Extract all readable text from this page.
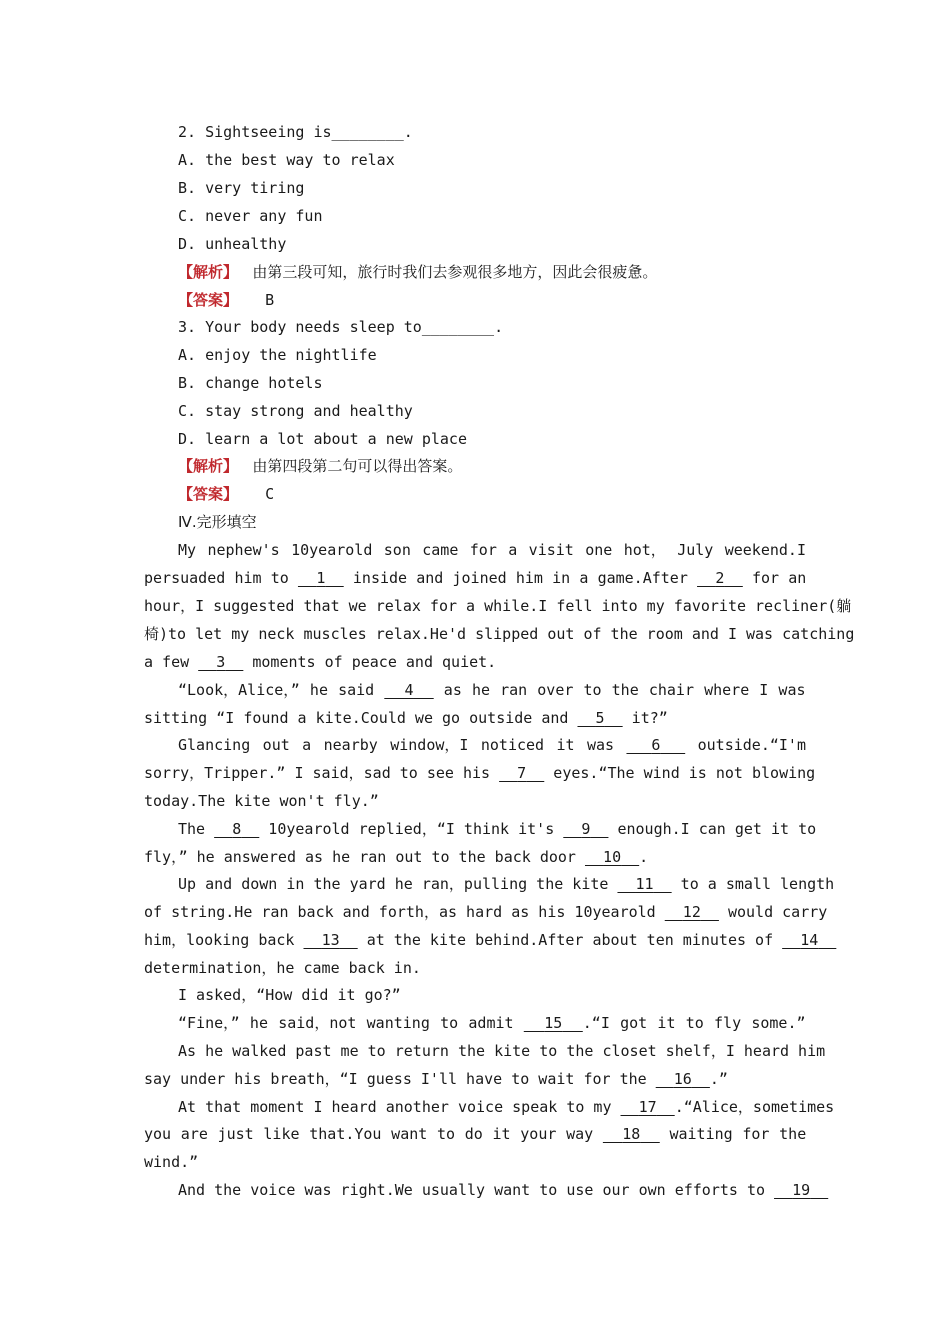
2. Sightseeing is________.
A. the best way to relax
B. very tiring
C. never any fun
D. unhealthy
【解析】 由第三段可知，旅行时我们去参观很多地方，因此会很疲惫。
【答案】 B
3. Your body needs sleep to________.
A. enjoy the nightlife
B. change hotels
C. stay strong and healthy
D. learn a lot about a new place
【解析】 由第四段第二句可以得出答案。
【答案】 C
Ⅳ.完形填空
My nephew's 10yearold son came for a visit one hot， July weekend.I
persuaded him to   1   inside and joined him in a game.After   2   for an
hour，I suggested that we relax for a while.I fell into my favorite recliner(躺
椅)to let my neck muscles relax.He'd slipped out of the room and I was catching
a few   3   moments of peace and quiet.
“Look，Alice，” he said   4   as he ran over to the chair where I was
sitting “I found a kite.Could we go outside and   5   it?”
Glancing out a nearby window，I noticed it was   6   outside.“I'm
sorry，Tripper.” I said，sad to see his   7   eyes.“The wind is not blowing
today.The kite won't fly.”
The   8   10yearold replied，“I think it's   9   enough.I can get it to
fly，” he answered as he ran out to the back door   10 .
Up and down in the yard he ran，pulling the kite   11   to a small length
of string.He ran back and forth，as hard as his 10yearold   12   would carry
him，looking back   13   at the kite behind.After about ten minutes of   14
determination，he came back in.
I asked，“How did it go?”
“Fine，” he said，not wanting to admit   15 .“I got it to fly some.”
As he walked past me to return the kite to the closet shelf，I heard him
say under his breath，“I guess I'll have to wait for the   16 .”
At that moment I heard another voice speak to my   17 .“Alice，sometimes
you are just like that.You want to do it your way   18   waiting for the
wind.”
And the voice was right.We usually want to use our own efforts to   19
